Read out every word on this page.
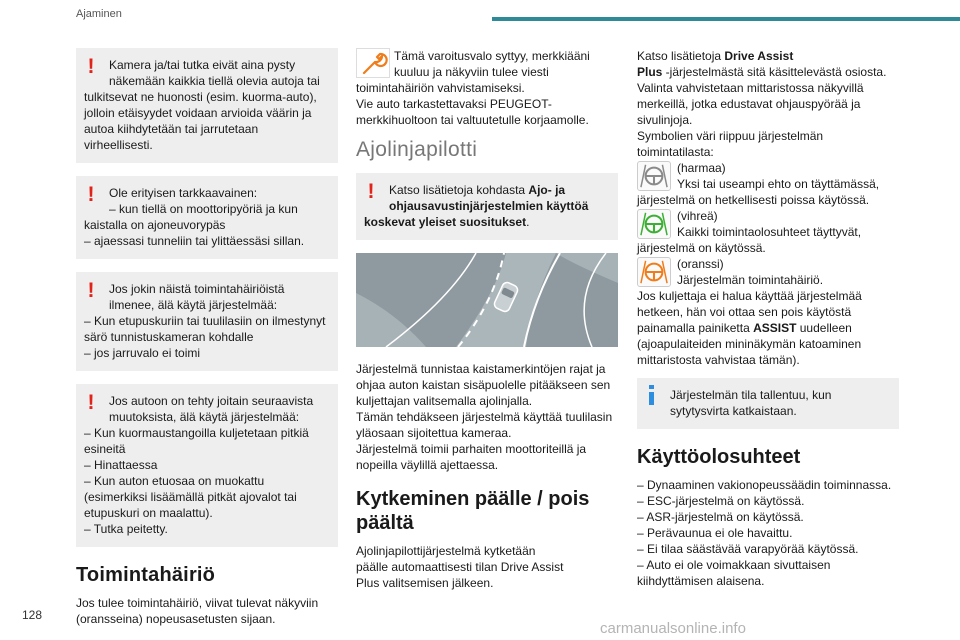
Ajaminen
!	Kamera ja/tai tutka eivät aina pysty

näkemään kaikkia tiellä olevia autoja tai

tulkitsevat ne huonosti (esim. kuorma-auto),

jolloin etäisyydet voidaan arvioida väärin ja

autoa kiihdytetään tai jarrutetaan

virheellisesti.

!	Ole erityisen tarkkaavainen:

– kun tiellä on moottoripyöriä ja kun

kaistalla on ajoneuvorypäs

– ajaessasi tunneliin tai ylittäessäsi sillan.

!	Jos jokin näistä toimintahäiriöistä

ilmenee, älä käytä järjestelmää:

– Kun etupuskuriin tai tuulilasiin on ilmestynyt

särö tunnistuskameran kohdalle

– jos jarruvalo ei toimi

!	Jos autoon on tehty joitain seuraavista

muutoksista, älä käytä järjestelmää:

– Kun kuormaustangoilla kuljetetaan pitkiä

esineitä

– Hinattaessa

– Kun auton etuosaa on muokattu

(esimerkiksi lisäämällä pitkät ajovalot tai

etupuskuri on maalattu).

– Tutka peitetty.

Toimintahäiriö

Jos tulee toimintahäiriö, viivat tulevat näkyviin

(oransseina) nopeusasetusten sijaan.

Tämä varoitusvalo syttyy, merkkiääni

kuuluu ja näkyviin tulee viesti

toimintahäiriön vahvistamiseksi.

Vie auto tarkastettavaksi PEUGEOT-

merkkihuoltoon tai valtuutetulle korjaamolle.

Ajolinjapilotti
!	Katso lisätietoja kohdasta Ajo- ja

ohjausavustinjärjestelmien käyttöä

koskevat yleiset suositukset.

Järjestelmä tunnistaa kaistamerkintöjen rajat ja

ohjaa auton kaistan sisäpuolelle pitääkseen sen

kuljettajan valitsemalla ajolinjalla.

Tämän tehdäkseen järjestelmä käyttää tuulilasin

yläosaan sijoitettua kameraa.

Järjestelmä toimii parhaiten moottoriteillä ja

nopeilla väylillä ajettaessa.

Kytkeminen päälle / pois
päältä

Ajolinjapilottijärjestelmä kytketään

päälle automaattisesti tilan Drive Assist

Plus valitsemisen jälkeen.

Katso lisätietoja Drive Assist

Plus -järjestelmästä sitä käsittelevästä osiosta.

Valinta vahvistetaan mittaristossa näkyvillä

merkeillä, jotka edustavat ohjauspyörää ja

sivulinjoja.

Symbolien väri riippuu järjestelmän

toimintatilasta:

(harmaa)

Yksi tai useampi ehto on täyttämässä,

järjestelmä on hetkellisesti poissa käytössä.

(vihreä)

Kaikki toimintaolosuhteet täyttyvät,

järjestelmä on käytössä.

(oranssi)

Järjestelmän toimintahäiriö.

Jos kuljettaja ei halua käyttää järjestelmää

hetkeen, hän voi ottaa sen pois käytöstä

painamalla painiketta ASSIST uudelleen

(ajoapulaiteiden mininäkymän katoaminen

mittaristosta vahvistaa tämän).

Järjestelmän tila tallentuu, kun

sytytysvirta katkaistaan.

Käyttöolosuhteet

– Dynaaminen vakionopeussäädin toiminnassa.

– ESC-järjestelmä on käytössä.

– ASR-järjestelmä on käytössä.

– Perävaunua ei ole havaittu.

– Ei tilaa säästävää varapyörää käytössä.

– Auto ei ole voimakkaan sivuttaisen

kiihdyttämisen alaisena.

128
carmanualsonline.info
